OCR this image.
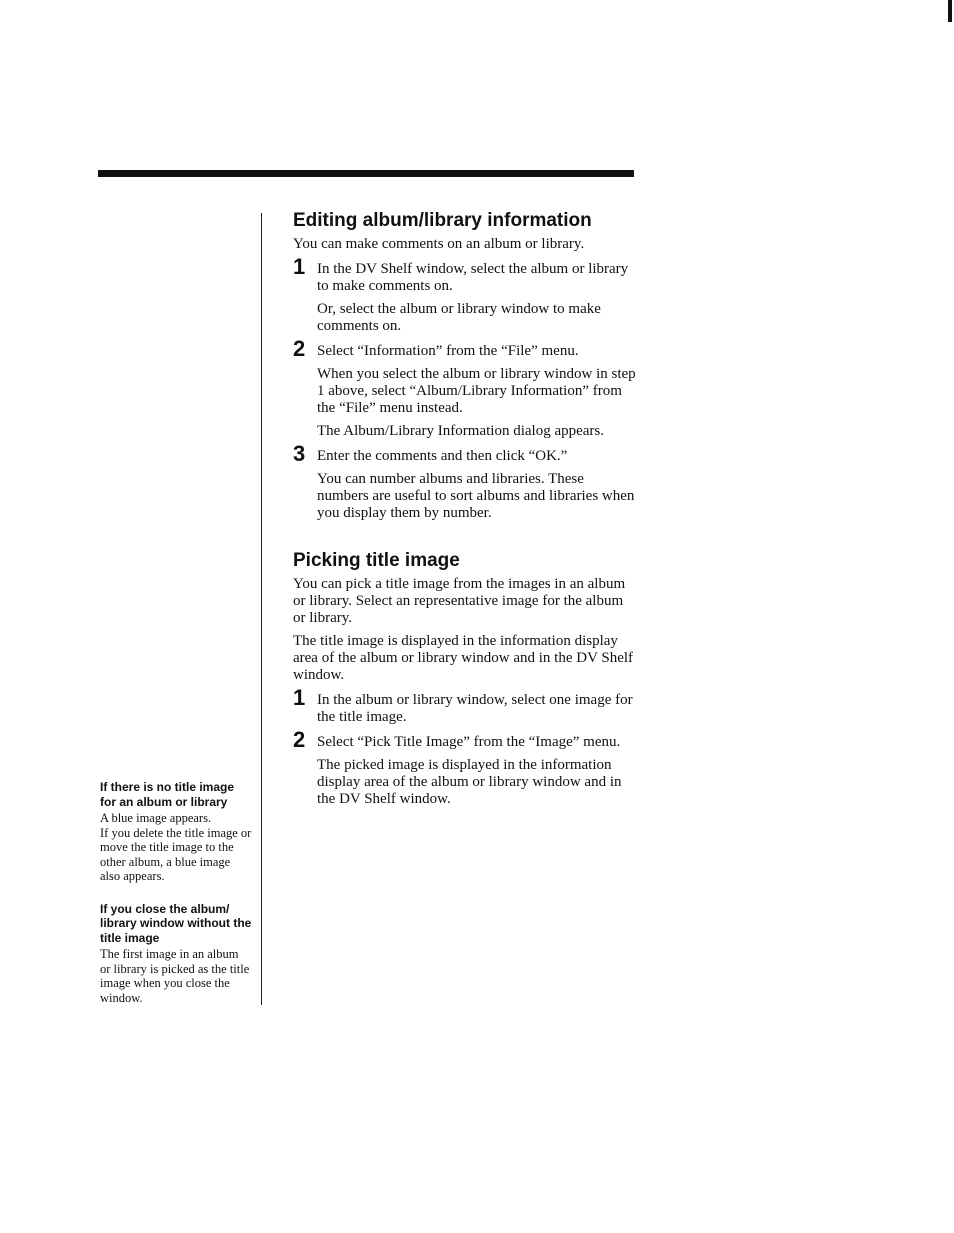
If there is no title image for an album or library

A blue image appears.

If you delete the title image or move the title image to the other album, a blue image also appears.

If you close the album/ library window without the title image

The first image in an album or library is picked as the title image when you close the window.

Editing album/library information

You can make comments on an album or library.

1 In the DV Shelf window, select the album or library to make comments on.

Or, select the album or library window to make comments on.

2 Select “Information” from the “File” menu.

When you select the album or library window in step 1 above, select “Album/Library Information” from the “File” menu instead.

The Album/Library Information dialog appears.

3 Enter the comments and then click “OK.”

You can number albums and libraries. These numbers are useful to sort albums and libraries when you display them by number.

Picking title image

You can pick a title image from the images in an album or library. Select an representative image for the album or library.

The title image is displayed in the information display area of the album or library window and in the DV Shelf window.

1 In the album or library window, select one image for the title image.

2 Select “Pick Title Image” from the “Image” menu.

The picked image is displayed in the information display area of the album or library window and in the DV Shelf window.
